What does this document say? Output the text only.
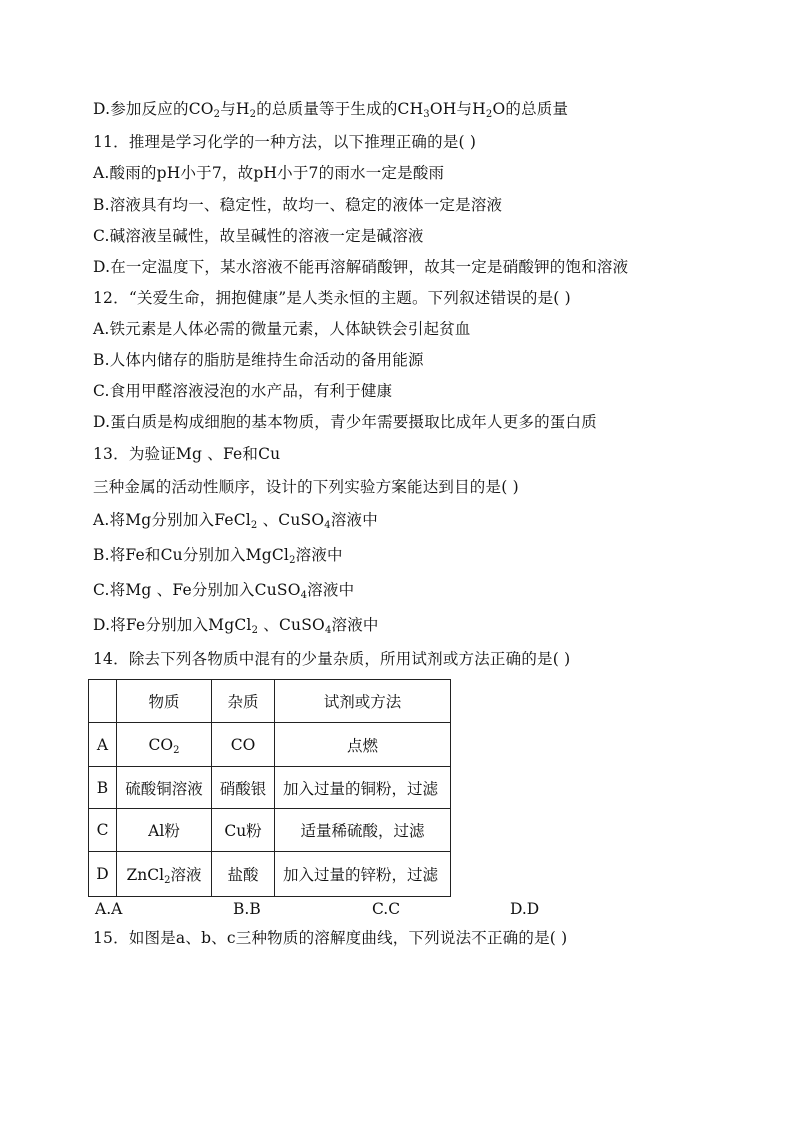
D.参加反应的$CO_2$与$H_2$的总质量等于生成的$CH_3OH$与$H_2O$的总质量
11．推理是学习化学的一种方法，以下推理正确的是( )
A.酸雨的pH小于7，故pH小于7的雨水一定是酸雨
B.溶液具有均一、稳定性，故均一、稳定的液体一定是溶液
C.碱溶液呈碱性，故呈碱性的溶液一定是碱溶液
D.在一定温度下，某水溶液不能再溶解硝酸钾，故其一定是硝酸钾的饱和溶液
12．“关爱生命，拥抱健康”是人类永恒的主题。下列叙述错误的是( )
A.铁元素是人体必需的微量元素，人体缺铁会引起贫血
B.人体内储存的脂肪是维持生命活动的备用能源
C.食用甲醛溶液浸泡的水产品，有利于健康
D.蛋白质是构成细胞的基本物质，青少年需要摄取比成年人更多的蛋白质
13．为验证Mg 、Fe和Cu
三种金属的活动性顺序，设计的下列实验方案能达到目的是( )
A.将Mg分别加入FeCl$_2$ 、CuSO$_4$溶液中
B.将Fe和Cu分别加入MgCl$_2$溶液中
C.将Mg 、Fe分别加入CuSO$_4$溶液中
D.将Fe分别加入MgCl$_2$ 、CuSO$_4$溶液中
14．除去下列各物质中混有的少量杂质，所用试剂或方法正确的是( )
	物质	杂质	试剂或方法
A	$CO_2$	CO	点燃
B	硫酸铜溶液	硝酸银	加入过量的铜粉，过滤
C	Al粉	Cu粉	适量稀硫酸，过滤
D	ZnCl$_2$溶液	盐酸	加入过量的锌粉，过滤
A.A	B.B	C.C	D.D
15．如图是a、b、c三种物质的溶解度曲线，下列说法不正确的是( )
